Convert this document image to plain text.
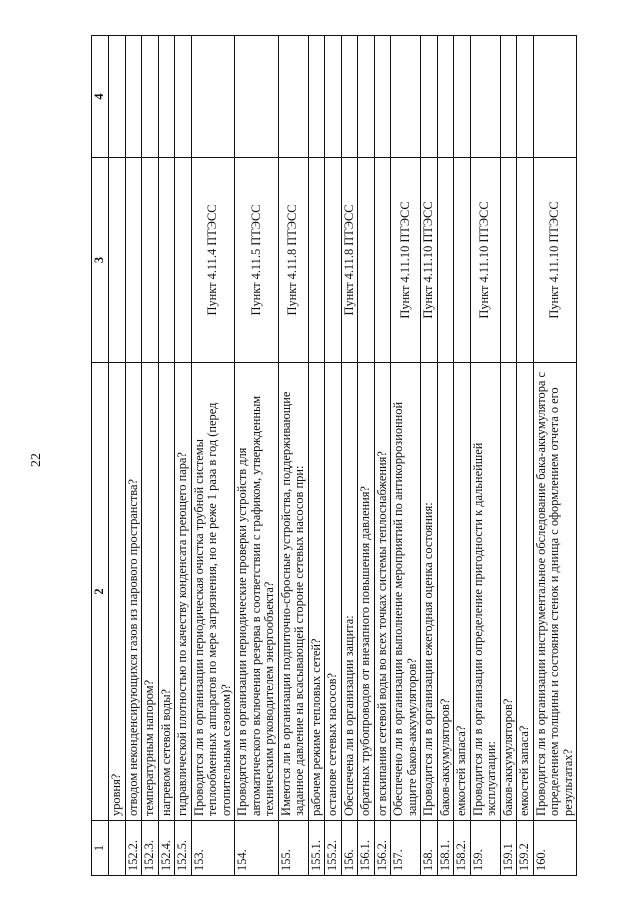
22
1	2	3	4
	уровня?		
152.2.	отводом неконденсирующихся газов из парового пространства?		
152.3.	температурным напором?		
152.4.	нагревом сетевой воды?		
152.5.	гидравлической плотностью по качеству конденсата греющего пара?		
153.	Проводится ли в организации периодическая очистка трубной системы теплообменных аппаратов по мере загрязнения, но не реже 1 раза в год (перед отопительным сезоном)?	Пункт 4.11.4 ПТЭСС	
154.	Проводятся ли в организации периодические проверки устройств для автоматического включения резерва в соответствии с графиком, утвержденным техническим руководителем энергообъекта?	Пункт 4.11.5 ПТЭСС	
155.	Имеются ли в организации подпиточно-сбросные устройства, поддерживающие заданное давление на всасывающей стороне сетевых насосов при:	Пункт 4.11.8 ПТЭСС	
155.1.	рабочем режиме тепловых сетей?		
155.2.	останове сетевых насосов?		
156.	Обеспечена ли в организации защита:	Пункт 4.11.8 ПТЭСС	
156.1.	обратных трубопроводов от внезапного повышения давления?		
156.2.	от вскипания сетевой воды во всех точках системы теплоснабжения?		
157.	Обеспечено ли в организации выполнение мероприятий по антикоррозионной защите баков-аккумуляторов?	Пункт 4.11.10 ПТЭСС	
158.	Проводится ли в организации ежегодная оценка состояния:	Пункт 4.11.10 ПТЭСС	
158.1.	баков-аккумуляторов?		
158.2.	емкостей запаса?		
159.	Проводится ли в организации определение пригодности к дальнейшей эксплуатации:	Пункт 4.11.10 ПТЭСС	
159.1	баков-аккумуляторов?		
159.2	емкостей запаса?		
160.	Проводится ли в организации инструментальное обследование бака-аккумулятора с определением толщины и состояния стенок и днища с оформлением отчета о его результатах?	Пункт 4.11.10 ПТЭСС	
